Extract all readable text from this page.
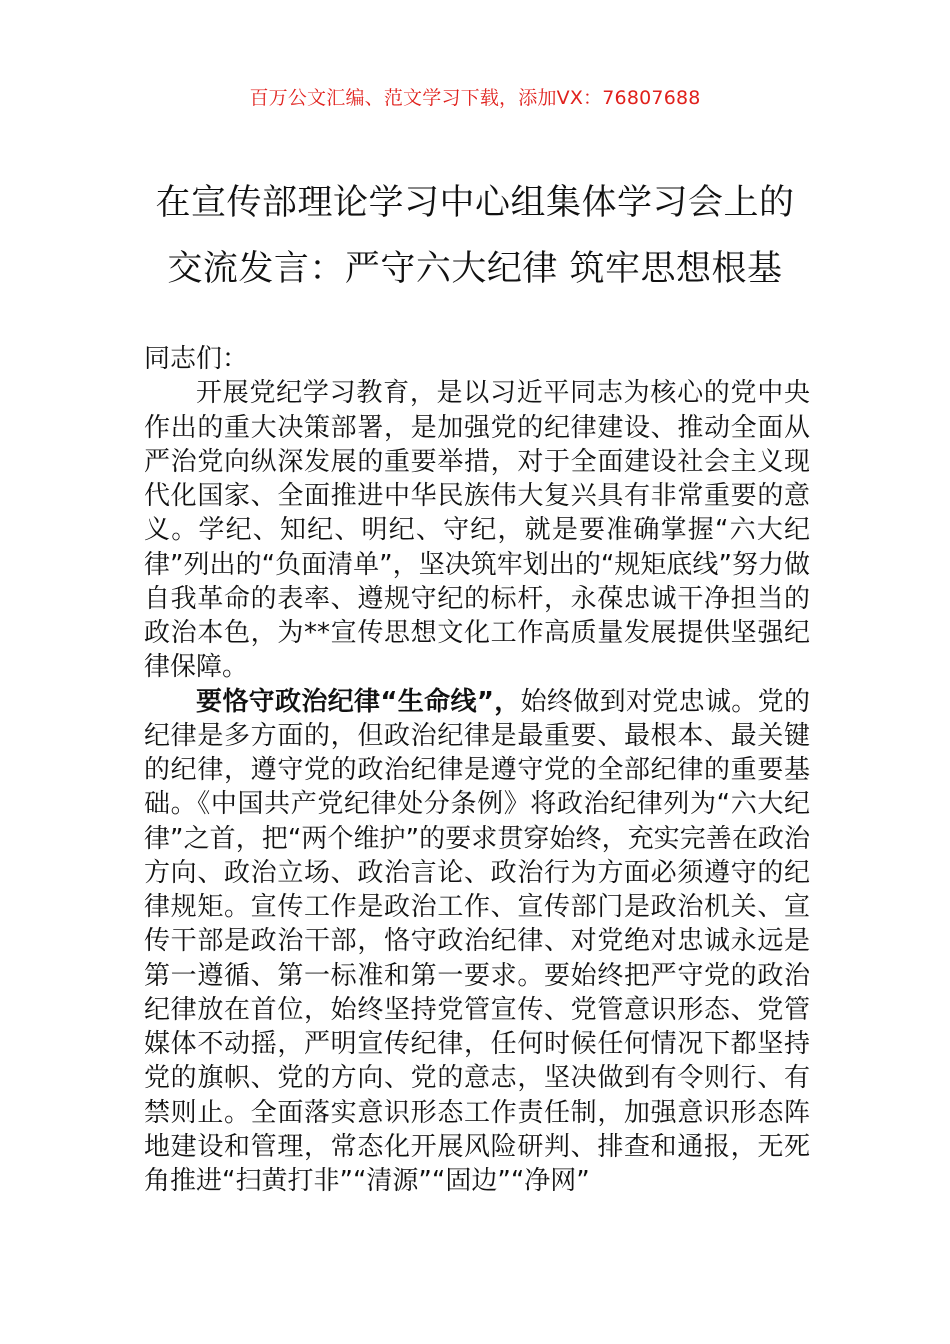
百万公文汇编、范文学习下载，添加VX：76807688
在宣传部理论学习中心组集体学习会上的
交流发言：严守六大纪律 筑牢思想根基

同志们：

开展党纪学习教育，是以习近平同志为核心的党中央作出的重大决策部署，是加强党的纪律建设、推动全面从严治党向纵深发展的重要举措，对于全面建设社会主义现代化国家、全面推进中华民族伟大复兴具有非常重要的意义。学纪、知纪、明纪、守纪，就是要准确掌握“六大纪律”列出的“负面清单”，坚决筑牢划出的“规矩底线”努力做自我革命的表率、遵规守纪的标杆，永葆忠诚干净担当的政治本色，为**宣传思想文化工作高质量发展提供坚强纪律保障。

要恪守政治纪律“生命线”，始终做到对党忠诚。党的纪律是多方面的，但政治纪律是最重要、最根本、最关键的纪律，遵守党的政治纪律是遵守党的全部纪律的重要基础。《中国共产党纪律处分条例》将政治纪律列为“六大纪律”之首，把“两个维护”的要求贯穿始终，充实完善在政治方向、政治立场、政治言论、政治行为方面必须遵守的纪律规矩。宣传工作是政治工作、宣传部门是政治机关、宣传干部是政治干部，恪守政治纪律、对党绝对忠诚永远是第一遵循、第一标准和第一要求。要始终把严守党的政治纪律放在首位，始终坚持党管宣传、党管意识形态、党管媒体不动摇，严明宣传纪律，任何时候任何情况下都坚持党的旗帜、党的方向、党的意志，坚决做到有令则行、有禁则止。全面落实意识形态工作责任制，加强意识形态阵地建设和管理，常态化开展风险研判、排查和通报，无死角推进“扫黄打非”“清源”“固边”“净网”
